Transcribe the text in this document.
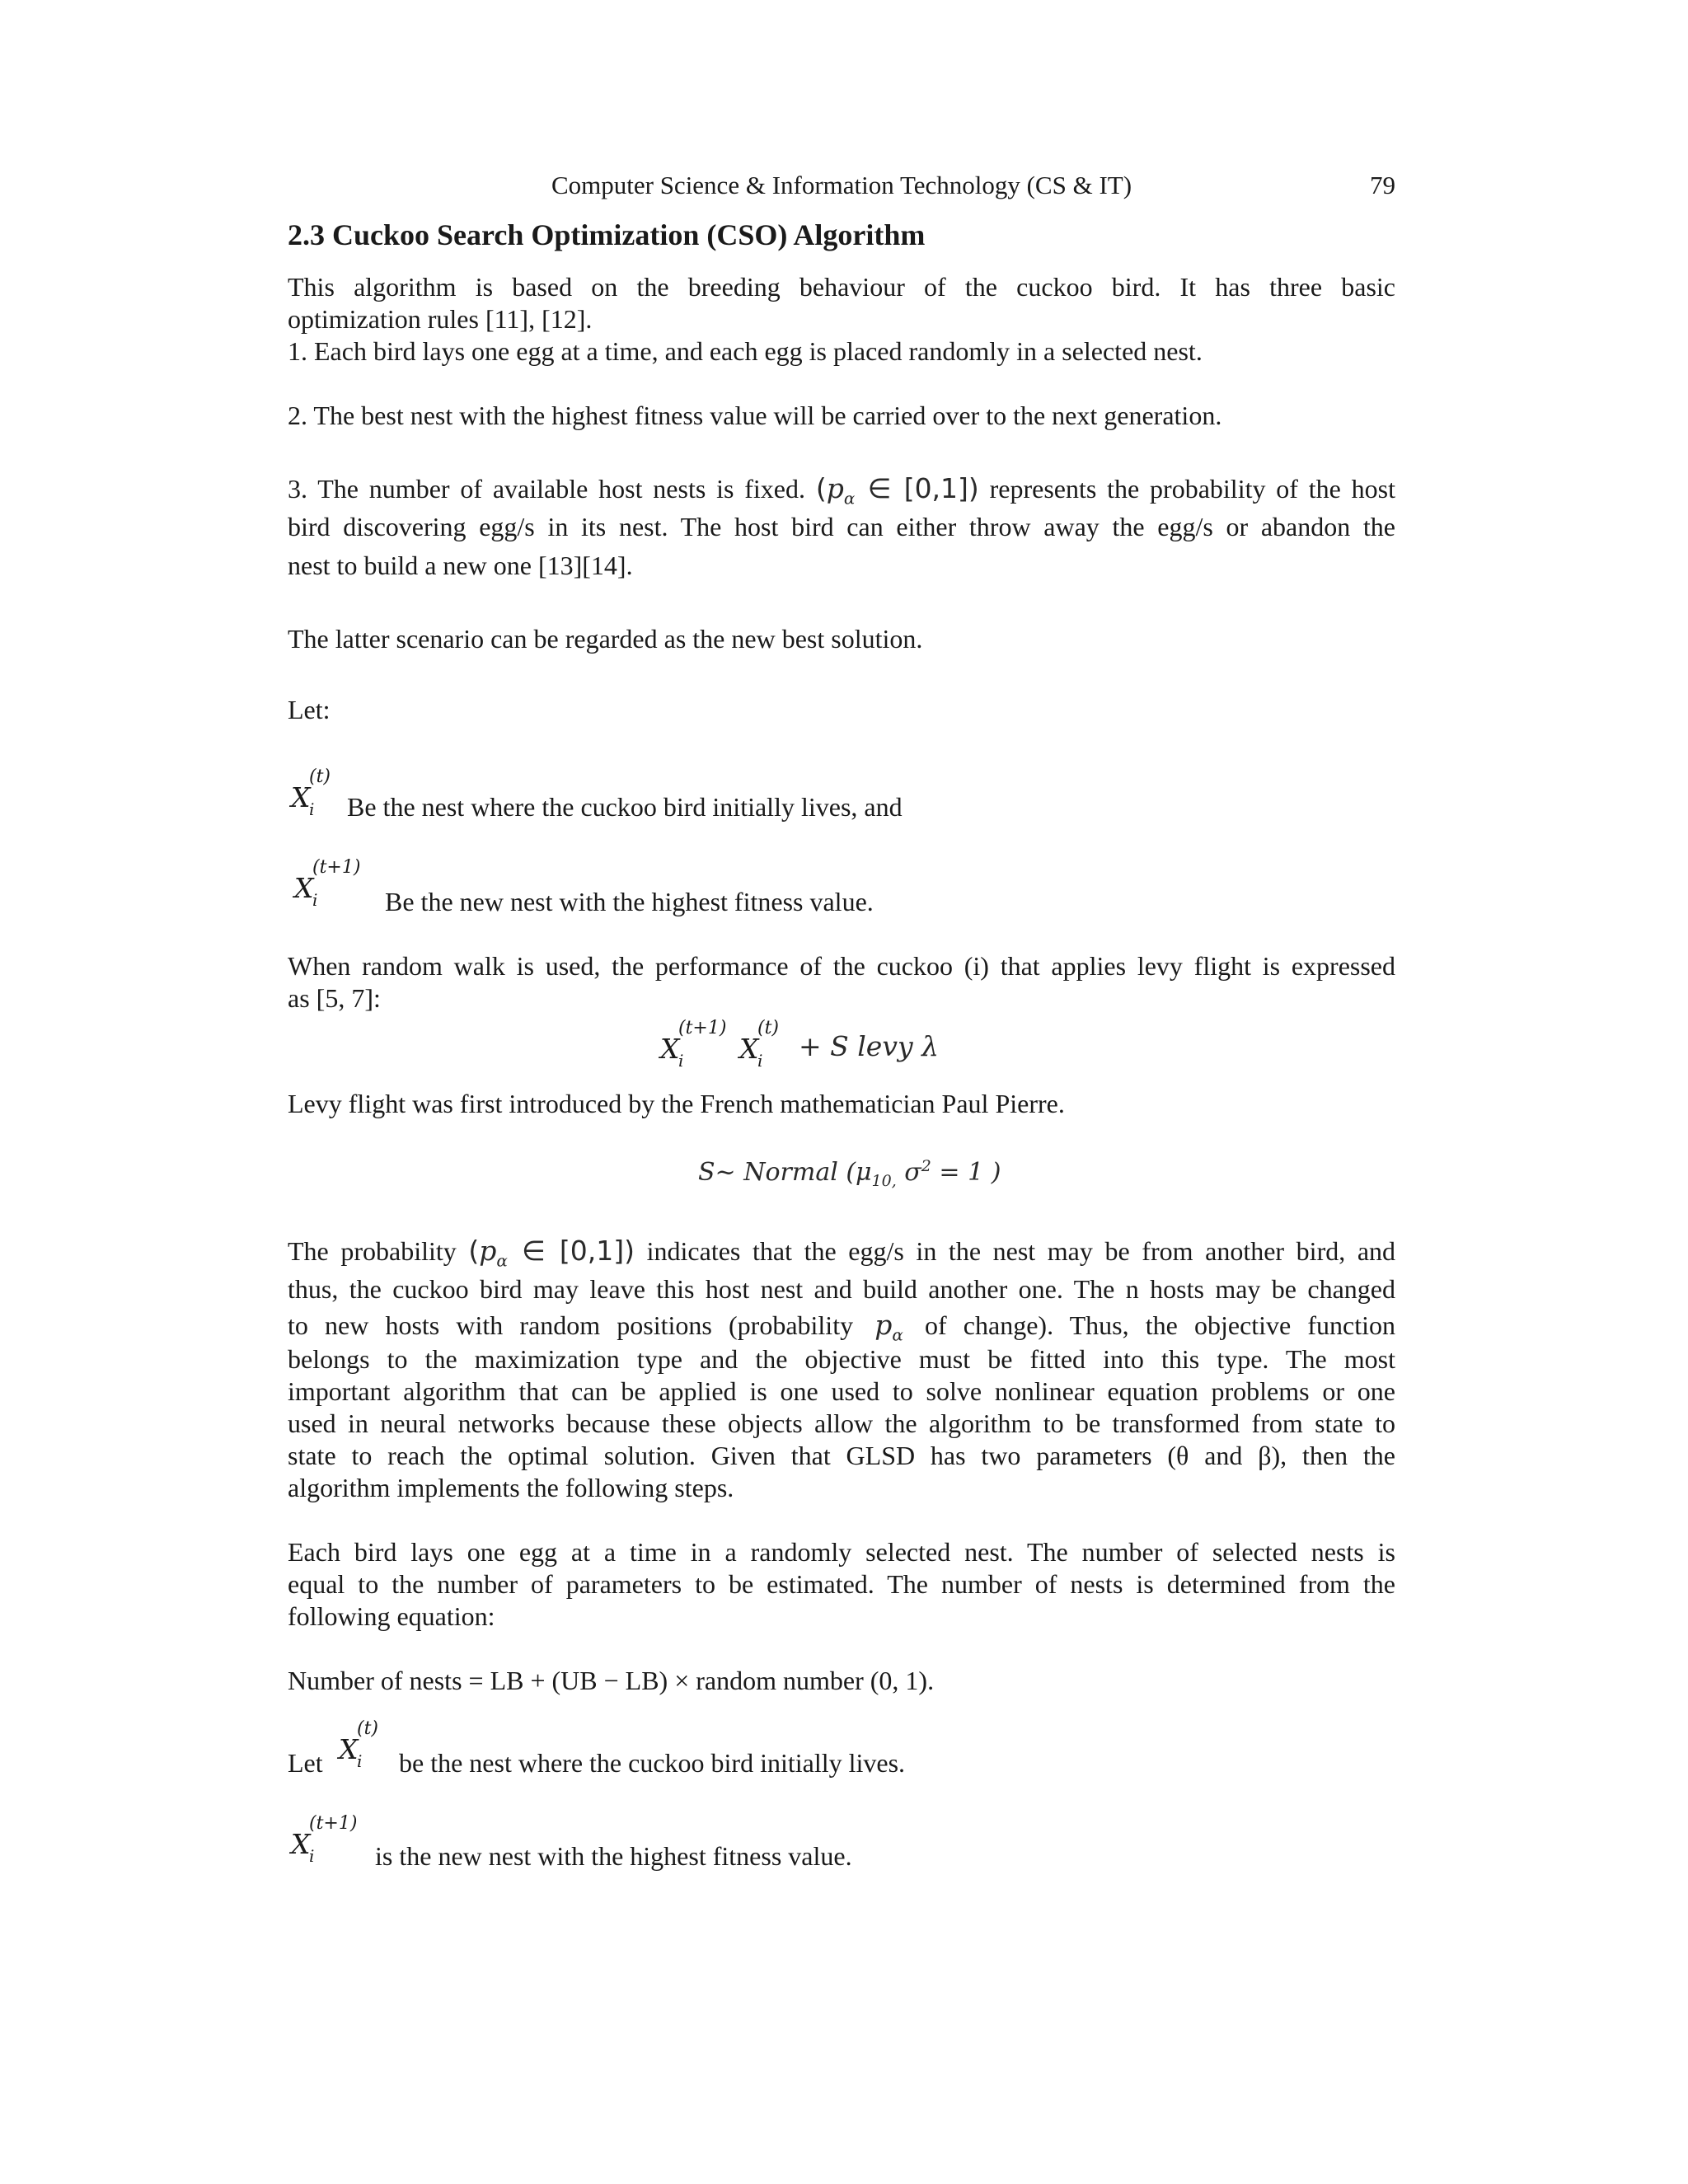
Computer Science & Information Technology (CS & IT)	79
2.3 Cuckoo Search Optimization (CSO) Algorithm
This algorithm is based on the breeding behaviour of the cuckoo bird. It has three basic
optimization rules [11], [12].
1. Each bird lays one egg at a time, and each egg is placed randomly in a selected nest.
2. The best nest with the highest fitness value will be carried over to the next generation.
3. The number of available host nests is fixed. ($p_\alpha$ ∈ [0,1]) represents the probability of the host
bird discovering egg/s in its nest. The host bird can either throw away the egg/s or abandon the
nest to build a new one [13][14].
The latter scenario can be regarded as the new best solution.
Let:
X
(t)
i Be the nest where the cuckoo bird initially lives, and
X
(t+1)
i	Be the new nest with the highest fitness value.
When random walk is used, the performance of the cuckoo (i) that applies levy flight is expressed
as [5, 7]:
X
(t+1)
i X
(t)
i + S levy λ
Levy flight was first introduced by the French mathematician Paul Pierre.
S~ Normal ($\mu_{10,}$ $\sigma^2 = 1$ )
The probability ($p_\alpha$ ∈ [0,1]) indicates that the egg/s in the nest may be from another bird, and
thus, the cuckoo bird may leave this host nest and build another one. The n hosts may be changed
to new hosts with random positions (probability $p_\alpha$ of change). Thus, the objective function
belongs to the maximization type and the objective must be fitted into this type. The most
important algorithm that can be applied is one used to solve nonlinear equation problems or one
used in neural networks because these objects allow the algorithm to be transformed from state to
state to reach the optimal solution. Given that GLSD has two parameters (θ and β), then the
algorithm implements the following steps.
Each bird lays one egg at a time in a randomly selected nest. The number of selected nests is
equal to the number of parameters to be estimated. The number of nests is determined from the
following equation:
Number of nests = LB + (UB − LB) × random number (0, 1).
Let X
(t)
i be the nest where the cuckoo bird initially lives.
X
(t+1)
i is the new nest with the highest fitness value.
